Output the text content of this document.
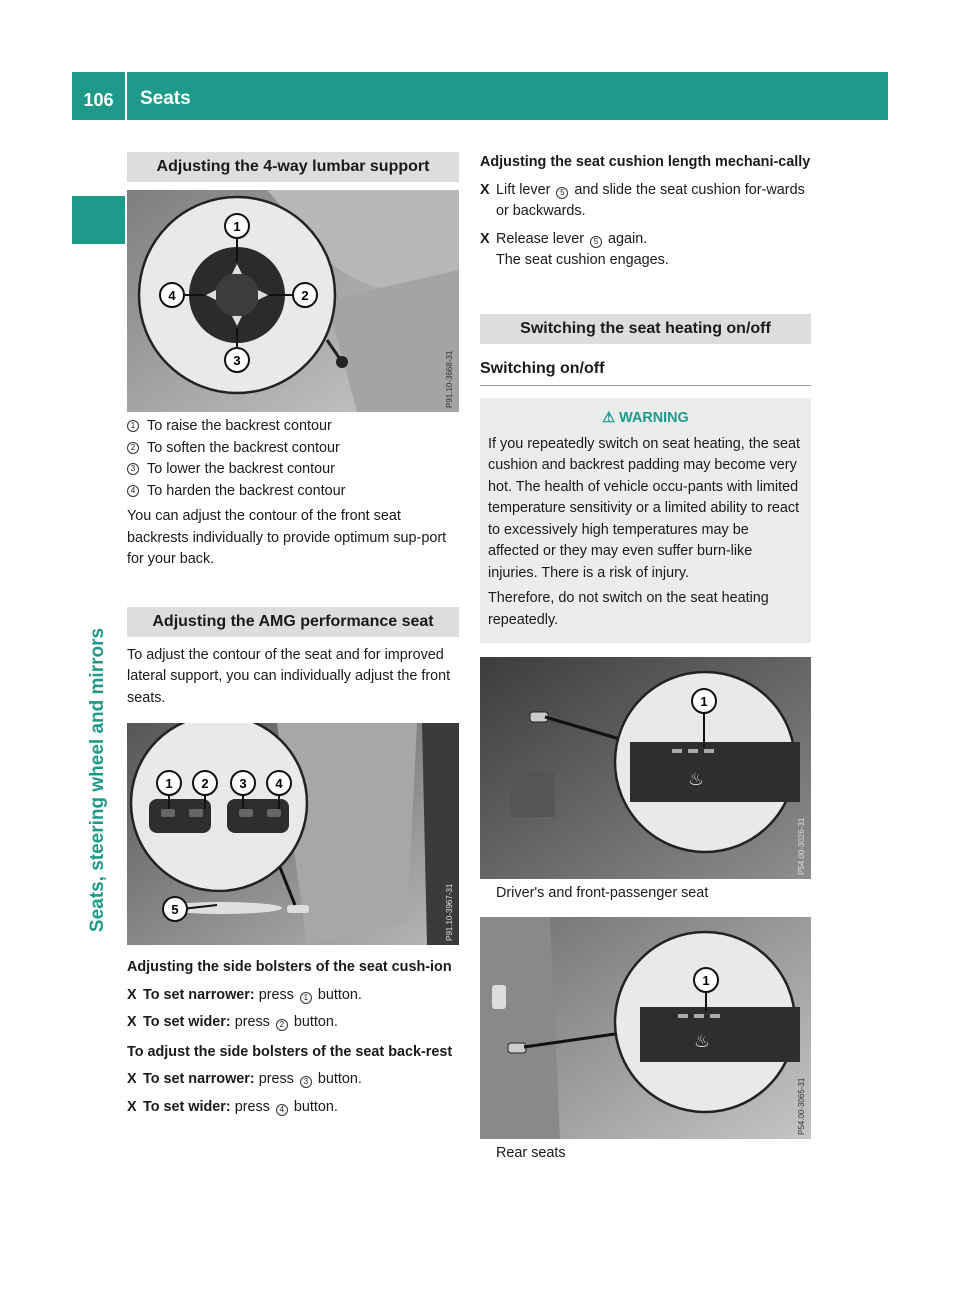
106	Seats
Seats, steering wheel and mirrors
Adjusting the 4-way lumbar support
1
2
3
4
P91.10-3668-31
1 To raise the backrest contour
2 To soften the backrest contour
3 To lower the backrest contour
4 To harden the backrest contour
You can adjust the contour of the front seat backrests individually to provide optimum sup-port for your back.
Adjusting the AMG performance seat
To adjust the contour of the seat and for improved lateral support, you can individually adjust the front seats.
1 2 3 4
5	P91.10-3967-31
Adjusting the side bolsters of the seat cush-ion
X To set narrower: press 1 button.
X To set wider: press 2 button.
To adjust the side bolsters of the seat back-rest
X To set narrower: press 3 button.
X To set wider: press 4 button.
Adjusting the seat cushion length mechani-cally
X Lift lever 5 and slide the seat cushion for-wards or backwards.
X Release lever 5 again.
The seat cushion engages.
Switching the seat heating on/off
Switching on/off
⚠ WARNING
If you repeatedly switch on seat heating, the seat cushion and backrest padding may become very hot. The health of vehicle occu-pants with limited temperature sensitivity or a limited ability to react to excessively high temperatures may be affected or they may even suffer burn-like injuries. There is a risk of injury.
Therefore, do not switch on the seat heating repeatedly.
♨
1
P54.00-3026-31
Driver's and front-passenger seat
♨
1
P54.00-3065-31
Rear seats
